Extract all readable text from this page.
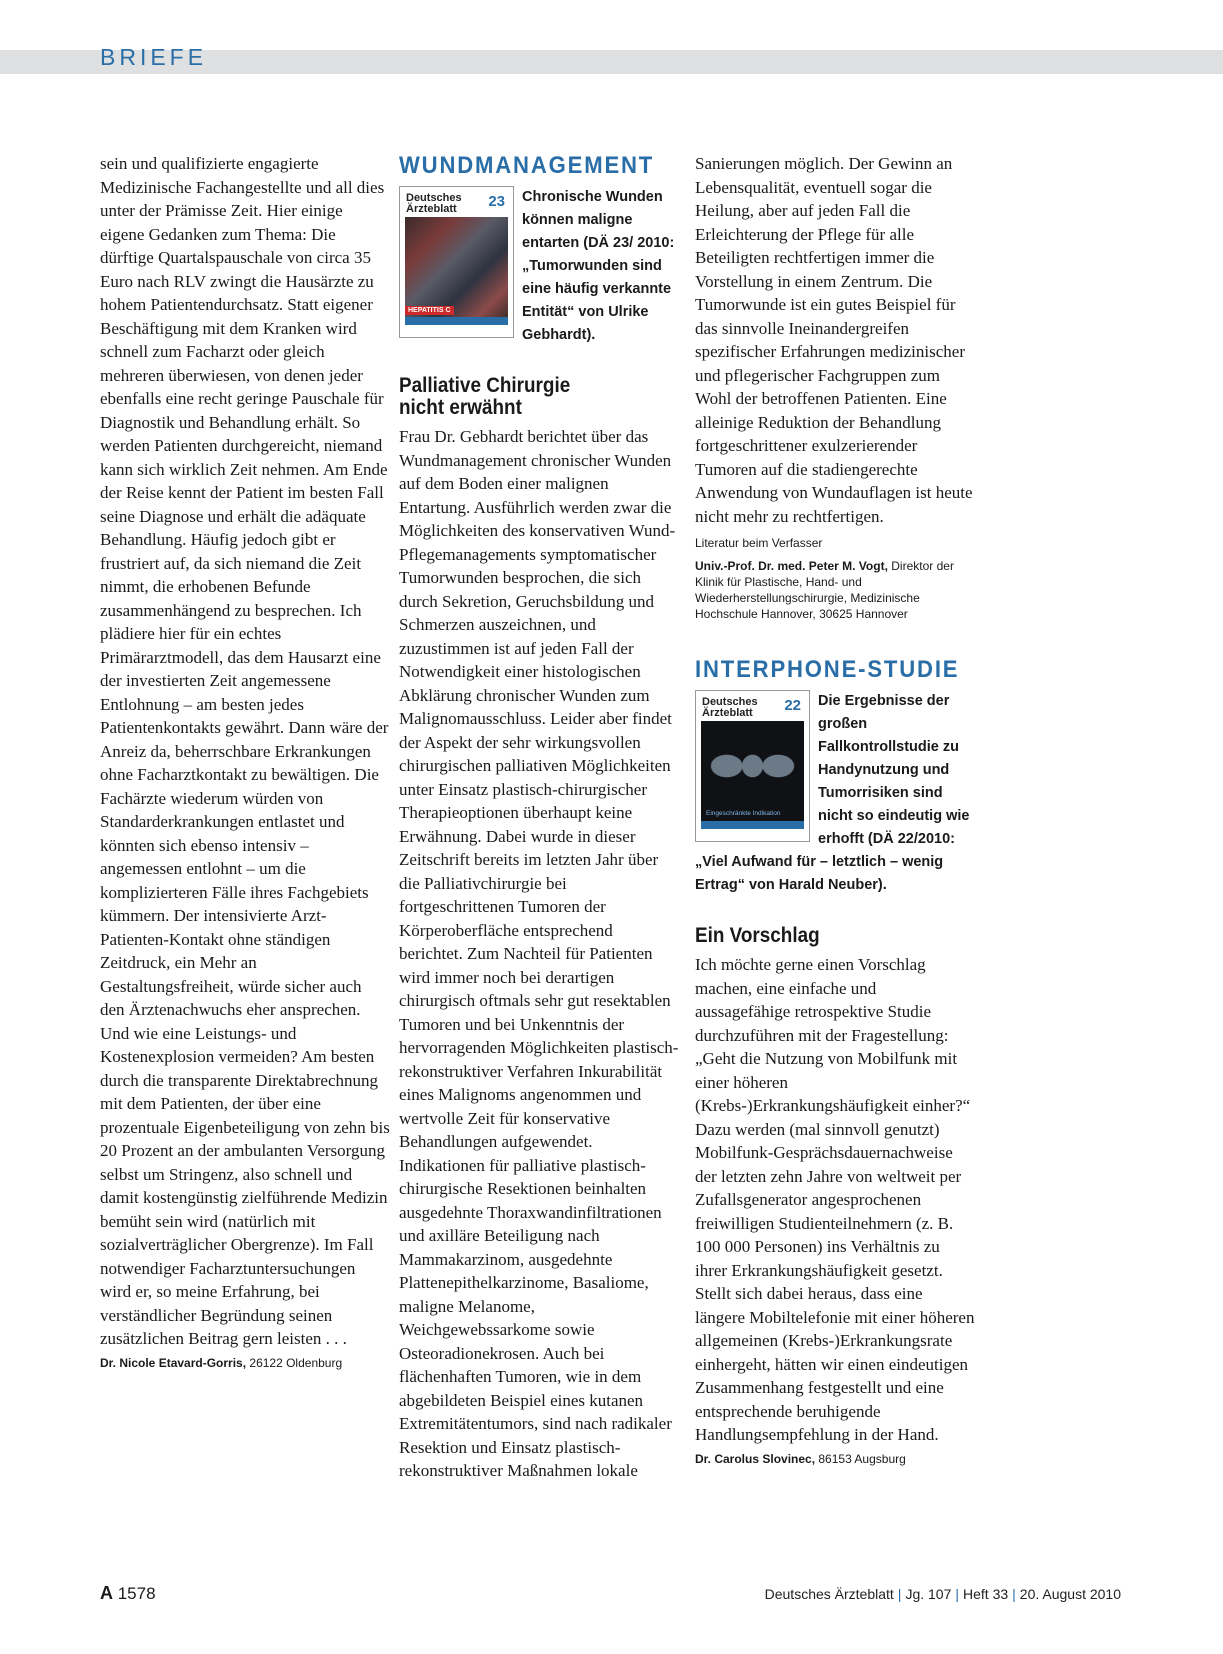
BRIEFE

sein und qualifizierte engagierte Medizinische Fachangestellte und all dies unter der Prämisse Zeit. Hier einige eigene Gedanken zum Thema: Die dürftige Quartalspauschale von circa 35 Euro nach RLV zwingt die Hausärzte zu hohem Patientendurchsatz. Statt eigener Beschäftigung mit dem Kranken wird schnell zum Facharzt oder gleich mehreren überwiesen, von denen jeder ebenfalls eine recht geringe Pauschale für Diagnostik und Behandlung erhält. So werden Patienten durchgereicht, niemand kann sich wirklich Zeit nehmen. Am Ende der Reise kennt der Patient im besten Fall seine Diagnose und erhält die adäquate Behandlung. Häufig jedoch gibt er frustriert auf, da sich niemand die Zeit nimmt, die erhobenen Befunde zusammenhängend zu besprechen. Ich plädiere hier für ein echtes Primärarztmodell, das dem Hausarzt eine der investierten Zeit angemessene Entlohnung – am besten jedes Patientenkontakts gewährt. Dann wäre der Anreiz da, beherrschbare Erkrankungen ohne Facharztkontakt zu bewältigen. Die Fachärzte wiederum würden von Standarderkrankungen entlastet und könnten sich ebenso intensiv – angemessen entlohnt – um die komplizierteren Fälle ihres Fachgebiets kümmern. Der intensivierte Arzt-Patienten-Kontakt ohne ständigen Zeitdruck, ein Mehr an Gestaltungsfreiheit, würde sicher auch den Ärztenachwuchs eher ansprechen. Und wie eine Leistungs- und Kostenexplosion vermeiden? Am besten durch die transparente Direktabrechnung mit dem Patienten, der über eine prozentuale Eigenbeteiligung von zehn bis 20 Prozent an der ambulanten Versorgung selbst um Stringenz, also schnell und damit kostengünstig zielführende Medizin bemüht sein wird (natürlich mit sozialverträglicher Obergrenze). Im Fall notwendiger Facharztuntersuchungen wird er, so meine Erfahrung, bei verständlicher Begründung seinen zusätzlichen Beitrag gern leisten . . .

Dr. Nicole Etavard-Gorris, 26122 Oldenburg

WUNDMANAGEMENT
Deutsches
Ärzteblatt	23
HEPATITIS C

Chronische Wunden können maligne entarten (DÄ 23/ 2010: „Tumorwunden sind eine häufig verkannte Entität“ von Ulrike Gebhardt).

Palliative Chirurgie
nicht erwähnt

Frau Dr. Gebhardt berichtet über das Wundmanagement chronischer Wunden auf dem Boden einer malignen Entartung. Ausführlich werden zwar die Möglichkeiten des konservativen Wund-Pflegemanagements symptomatischer Tumorwunden besprochen, die sich durch Sekretion, Geruchsbildung und Schmerzen auszeichnen, und zuzustimmen ist auf jeden Fall der Notwendigkeit einer histologischen Abklärung chronischer Wunden zum Malignomausschluss. Leider aber findet der Aspekt der sehr wirkungsvollen chirurgischen palliativen Möglichkeiten unter Einsatz plastisch-chirurgischer Therapieoptionen überhaupt keine Erwähnung. Dabei wurde in dieser Zeitschrift bereits im letzten Jahr über die Palliativchirurgie bei fortgeschrittenen Tumoren der Körperoberfläche entsprechend berichtet. Zum Nachteil für Patienten wird immer noch bei derartigen chirurgisch oftmals sehr gut resektablen Tumoren und bei Unkenntnis der hervorragenden Möglichkeiten plastisch-rekonstruktiver Verfahren Inkurabilität eines Malignoms angenommen und wertvolle Zeit für konservative Behandlungen aufgewendet. Indikationen für palliative plastisch-chirurgische Resektionen beinhalten ausgedehnte Thoraxwandinfiltrationen und axilläre Beteiligung nach Mammakarzinom, ausgedehnte Plattenepithelkarzinome, Basaliome, maligne Melanome, Weichgewebssarkome sowie Osteoradionekrosen. Auch bei flächenhaften Tumoren, wie in dem abgebildeten Beispiel eines kutanen Extremitätentumors, sind nach radikaler Resektion und Einsatz plastisch-rekonstruktiver Maßnahmen lokale

Sanierungen möglich. Der Gewinn an Lebensqualität, eventuell sogar die Heilung, aber auf jeden Fall die Erleichterung der Pflege für alle Beteiligten rechtfertigen immer die Vorstellung in einem Zentrum. Die Tumorwunde ist ein gutes Beispiel für das sinnvolle Ineinandergreifen spezifischer Erfahrungen medizinischer und pflegerischer Fachgruppen zum Wohl der betroffenen Patienten. Eine alleinige Reduktion der Behandlung fortgeschrittener exulzerierender Tumoren auf die stadiengerechte Anwendung von Wundauflagen ist heute nicht mehr zu rechtfertigen.

Literatur beim Verfasser

Univ.-Prof. Dr. med. Peter M. Vogt, Direktor der Klinik für Plastische, Hand- und Wiederherstellungschirurgie, Medizinische Hochschule Hannover, 30625 Hannover

INTERPHONE-STUDIE
Deutsches
Ärzteblatt	22
Eingeschränkte Indikation

Die Ergebnisse der großen Fallkontrollstudie zu Handynutzung und Tumorrisiken sind nicht so eindeutig wie erhofft (DÄ 22/2010: „Viel Aufwand für – letztlich – wenig Ertrag“ von Harald Neuber).

Ein Vorschlag

Ich möchte gerne einen Vorschlag machen, eine einfache und aussagefähige retrospektive Studie durchzuführen mit der Fragestellung: „Geht die Nutzung von Mobilfunk mit einer höheren (Krebs-)Erkrankungshäufigkeit einher?“ Dazu werden (mal sinnvoll genutzt) Mobilfunk-Gesprächsdauernachweise der letzten zehn Jahre von weltweit per Zufallsgenerator angesprochenen freiwilligen Studienteilnehmern (z. B. 100 000 Personen) ins Verhältnis zu ihrer Erkrankungshäufigkeit gesetzt. Stellt sich dabei heraus, dass eine längere Mobiltelefonie mit einer höheren allgemeinen (Krebs-)Erkrankungsrate einhergeht, hätten wir einen eindeutigen Zusammenhang festgestellt und eine entsprechende beruhigende Handlungsempfehlung in der Hand.

Dr. Carolus Slovinec, 86153 Augsburg

A 1578	Deutsches Ärzteblatt | Jg. 107 | Heft 33 | 20. August 2010
